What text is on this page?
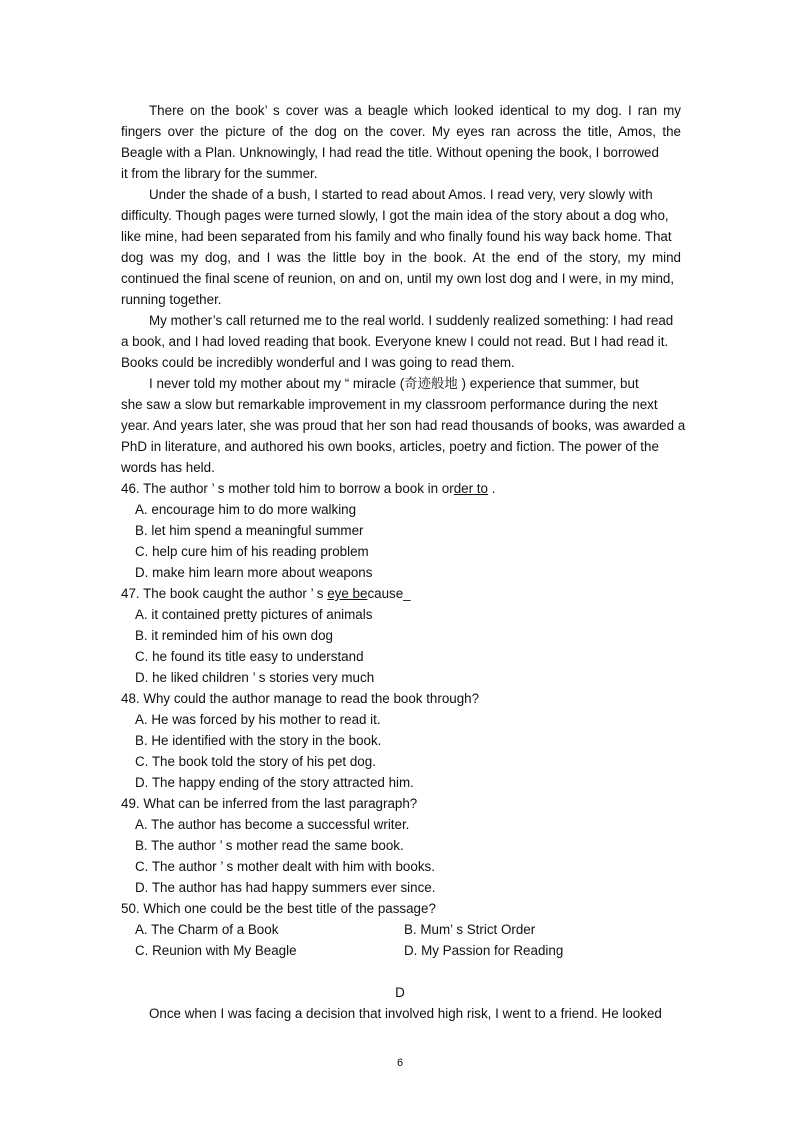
There on the book’ s cover was a beagle which looked identical to my dog. I ran my
fingers over the picture of the dog on the cover. My eyes ran across the title, Amos, the
Beagle with a Plan. Unknowingly, I had read the title. Without opening the book, I borrowed
it from the library for the summer.
Under the shade of a bush, I started to read about Amos. I read very, very slowly with
difficulty. Though pages were turned slowly, I got the main idea of the story about a dog who,
like mine, had been separated from his family and who finally found his way back home. That
dog was my dog, and I was the little boy in the book. At the end of the story, my mind
continued the final scene of reunion, on and on, until my own lost dog and I were, in my mind,
running together.
My mother’s call returned me to the real world. I suddenly realized something: I had read
a book, and I had loved reading that book. Everyone knew I could not read. But I had read it.
Books could be incredibly wonderful and I was going to read them.
I never told my mother about my “ miracle (奇迹般地 ) experience that summer, but
she saw a slow but remarkable improvement in my classroom performance during the next
year. And years later, she was proud that her son had read thousands of books, was awarded a
PhD in literature, and authored his own books, articles, poetry and fiction. The power of the
words has held.
46. The author ’ s mother told him to borrow a book in order to .
A. encourage him to do more walking
B. let him spend a meaningful summer
C. help cure him of his reading problem
D. make him learn more about weapons
47. The book caught the author ’ s eye because_
A. it contained pretty pictures of animals
B. it reminded him of his own dog
C. he found its title easy to understand
D. he liked children ’ s stories very much
48. Why could the author manage to read the book through?
A. He was forced by his mother to read it.
B. He identified with the story in the book.
C. The book told the story of his pet dog.
D. The happy ending of the story attracted him.
49. What can be inferred from the last paragraph?
A. The author has become a successful writer.
B. The author ’ s mother read the same book.
C. The author ’ s mother dealt with him with books.
D. The author has had happy summers ever since.
50. Which one could be the best title of the passage?
A. The Charm of a Book	B. Mum’ s Strict Order
C. Reunion with My Beagle	D. My Passion for Reading
D
Once when I was facing a decision that involved high risk, I went to a friend. He looked
6
